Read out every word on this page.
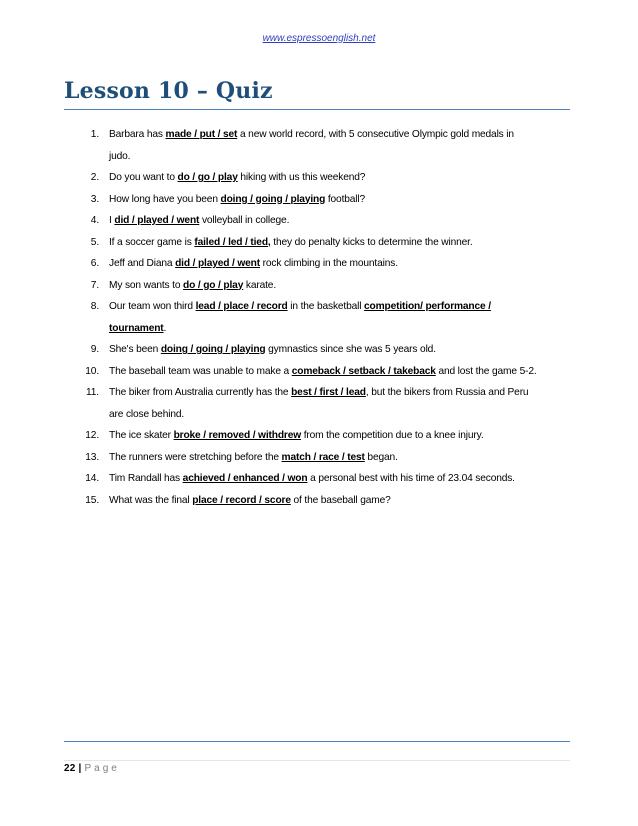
www.espressoenglish.net
Lesson 10 – Quiz
1. Barbara has made / put / set a new world record, with 5 consecutive Olympic gold medals in
judo.
2. Do you want to do / go / play hiking with us this weekend?
3. How long have you been doing / going / playing football?
4. I did / played / went volleyball in college.
5. If a soccer game is failed / led / tied, they do penalty kicks to determine the winner.
6. Jeff and Diana did / played / went rock climbing in the mountains.
7. My son wants to do / go / play karate.
8. Our team won third lead / place / record in the basketball competition/ performance /
tournament.
9. She's been doing / going / playing gymnastics since she was 5 years old.
10. The baseball team was unable to make a comeback / setback / takeback and lost the game 5-2.
11. The biker from Australia currently has the best / first / lead, but the bikers from Russia and Peru
are close behind.
12. The ice skater broke / removed / withdrew from the competition due to a knee injury.
13. The runners were stretching before the match / race / test began.
14. Tim Randall has achieved / enhanced / won a personal best with his time of 23.04 seconds.
15. What was the final place / record / score of the baseball game?
22 | Page
